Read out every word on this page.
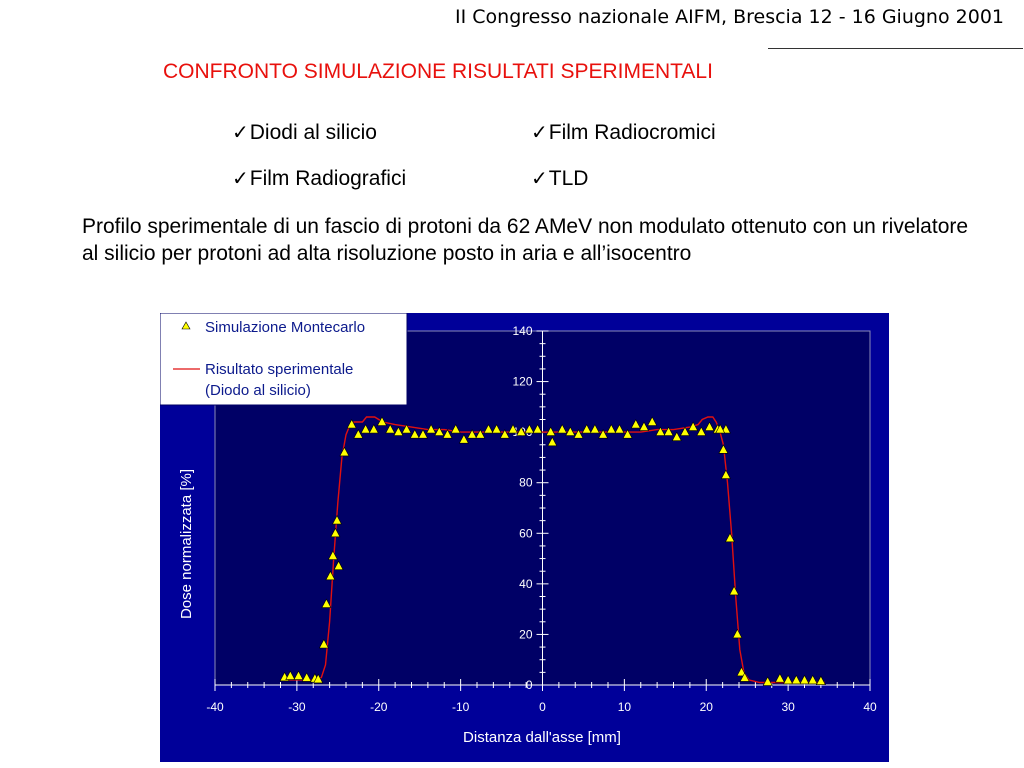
II Congresso nazionale AIFM, Brescia 12 - 16 Giugno 2001
CONFRONTO SIMULAZIONE RISULTATI SPERIMENTALI
✓Diodi al silicio	✓Film Radiocromici
✓Film Radiografici	✓TLD
Profilo sperimentale di un fascio di protoni da 62 AMeV non modulato ottenuto con un rivelatore al silicio per protoni ad alta risoluzione posto in aria e all’isocentro
0
20
40
60
80
120
140
-40	-30	-20	-10	0	10	20	30	40
Distanza dall'asse [mm]
Dose normalizzata [%]
Simulazione Montecarlo
Risultato sperimentale
(Diodo al silicio)
